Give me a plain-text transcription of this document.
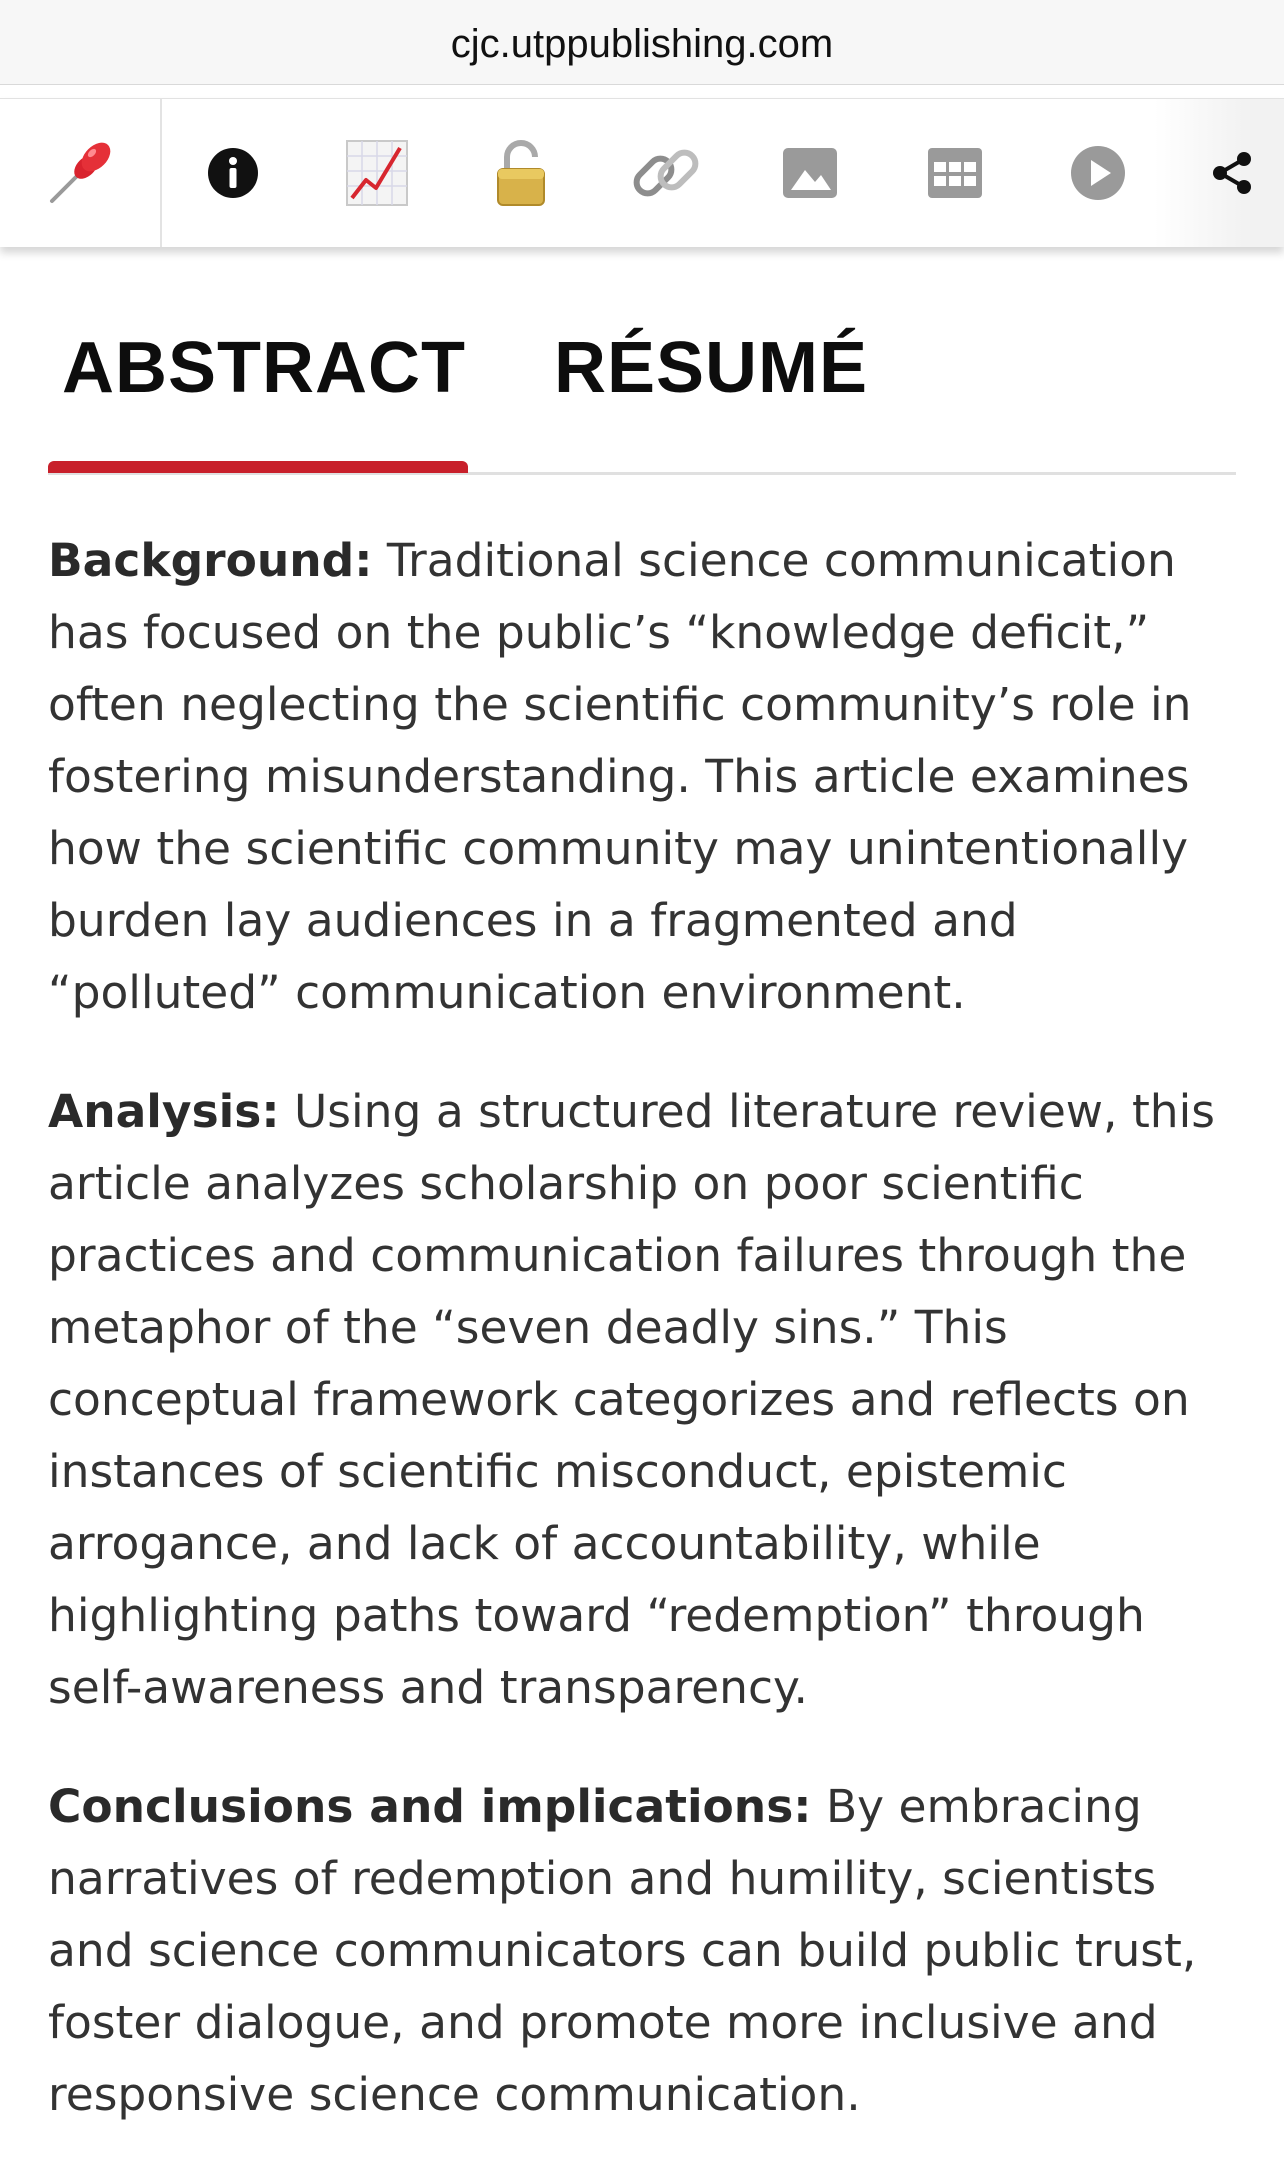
cjc.utppublishing.com
ABSTRACT RÉSUMÉ

Background: Traditional science communication has focused on the public’s “knowledge deficit,” often neglecting the scientific community’s role in fostering misunderstanding. This article examines how the scientific community may unintentionally burden lay audiences in a fragmented and “polluted” communication environment.

Analysis: Using a structured literature review, this article analyzes scholarship on poor scientific practices and communication failures through the metaphor of the “seven deadly sins.” This conceptual framework categorizes and reflects on instances of scientific misconduct, epistemic arrogance, and lack of accountability, while highlighting paths toward “redemption” through self-awareness and transparency.

Conclusions and implications: By embracing narratives of redemption and humility, scientists and science communicators can build public trust, foster dialogue, and promote more inclusive and responsive science communication.
